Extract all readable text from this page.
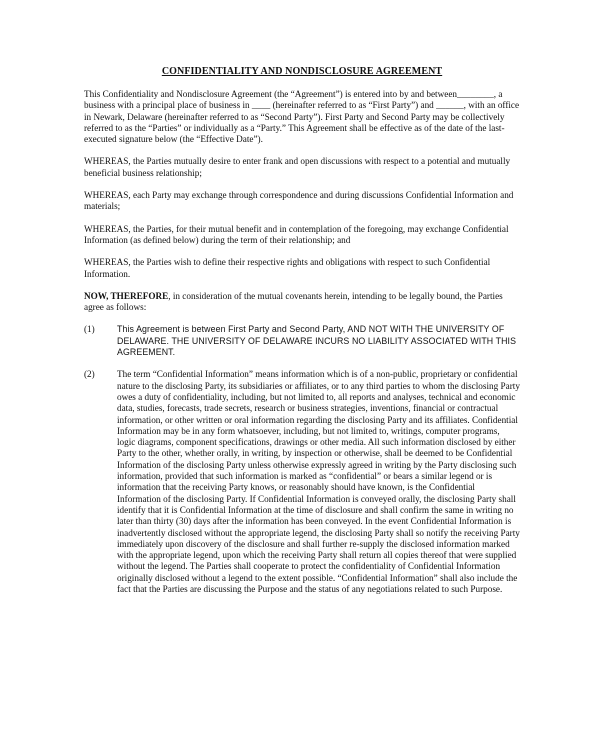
CONFIDENTIALITY AND NONDISCLOSURE AGREEMENT

This Confidentiality and Nondisclosure Agreement (the “Agreement”) is entered into by and between________, a business with a principal place of business in ____ (hereinafter referred to as “First Party”) and ______, with an office in Newark, Delaware (hereinafter referred to as “Second Party”). First Party and Second Party may be collectively referred to as the “Parties” or individually as a “Party.” This Agreement shall be effective as of the date of the last-executed signature below (the “Effective Date”).

WHEREAS, the Parties mutually desire to enter frank and open discussions with respect to a potential and mutually beneficial business relationship;

WHEREAS, each Party may exchange through correspondence and during discussions Confidential Information and materials;

WHEREAS, the Parties, for their mutual benefit and in contemplation of the foregoing, may exchange Confidential Information (as defined below) during the term of their relationship; and

WHEREAS, the Parties wish to define their respective rights and obligations with respect to such Confidential Information.

NOW, THEREFORE, in consideration of the mutual covenants herein, intending to be legally bound, the Parties agree as follows:

(1)	This Agreement is between First Party and Second Party, AND NOT WITH THE UNIVERSITY OF DELAWARE. THE UNIVERSITY OF DELAWARE INCURS NO LIABILITY ASSOCIATED WITH THIS AGREEMENT.
(2)	The term “Confidential Information” means information which is of a non-public, proprietary or confidential nature to the disclosing Party, its subsidiaries or affiliates, or to any third parties to whom the disclosing Party owes a duty of confidentiality, including, but not limited to, all reports and analyses, technical and economic data, studies, forecasts, trade secrets, research or business strategies, inventions, financial or contractual information, or other written or oral information regarding the disclosing Party and its affiliates. Confidential Information may be in any form whatsoever, including, but not limited to, writings, computer programs, logic diagrams, component specifications, drawings or other media. All such information disclosed by either Party to the other, whether orally, in writing, by inspection or otherwise, shall be deemed to be Confidential Information of the disclosing Party unless otherwise expressly agreed in writing by the Party disclosing such information, provided that such information is marked as “confidential” or bears a similar legend or is information that the receiving Party knows, or reasonably should have known, is the Confidential Information of the disclosing Party. If Confidential Information is conveyed orally, the disclosing Party shall identify that it is Confidential Information at the time of disclosure and shall confirm the same in writing no later than thirty (30) days after the information has been conveyed. In the event Confidential Information is inadvertently disclosed without the appropriate legend, the disclosing Party shall so notify the receiving Party immediately upon discovery of the disclosure and shall further re-supply the disclosed information marked with the appropriate legend, upon which the receiving Party shall return all copies thereof that were supplied without the legend. The Parties shall cooperate to protect the confidentiality of Confidential Information originally disclosed without a legend to the extent possible. “Confidential Information” shall also include the fact that the Parties are discussing the Purpose and the status of any negotiations related to such Purpose.
